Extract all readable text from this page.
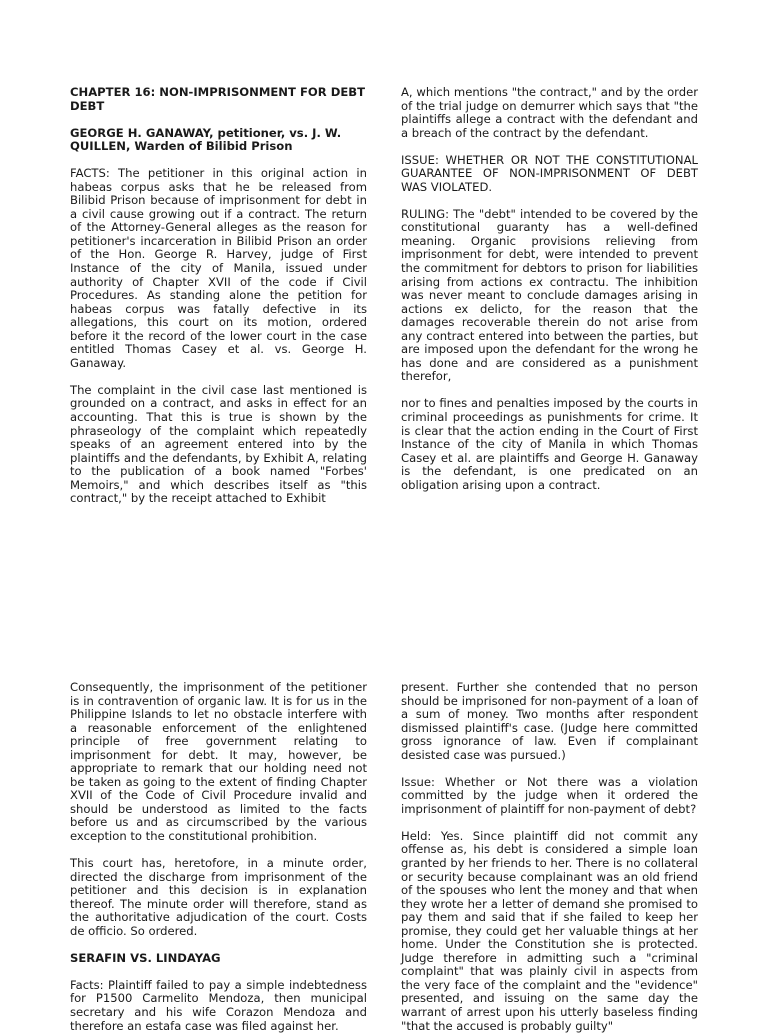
CHAPTER 16: NON-IMPRISONMENT FOR DEBT DEBT

GEORGE H. GANAWAY, petitioner, vs. J. W. QUILLEN, Warden of Bilibid Prison

FACTS: The petitioner in this original action in habeas corpus asks that he be released from Bilibid Prison because of imprisonment for debt in a civil cause growing out if a contract. The return of the Attorney-General alleges as the reason for petitioner's incarceration in Bilibid Prison an order of the Hon. George R. Harvey, judge of First Instance of the city of Manila, issued under authority of Chapter XVII of the code if Civil Procedures. As standing alone the petition for habeas corpus was fatally defective in its allegations, this court on its motion, ordered before it the record of the lower court in the case entitled Thomas Casey et al. vs. George H. Ganaway.

The complaint in the civil case last mentioned is grounded on a contract, and asks in effect for an accounting. That this is true is shown by the phraseology of the complaint which repeatedly speaks of an agreement entered into by the plaintiffs and the defendants, by Exhibit A, relating to the publication of a book named "Forbes' Memoirs," and which describes itself as "this contract," by the receipt attached to Exhibit

A, which mentions "the contract," and by the order of the trial judge on demurrer which says that "the plaintiffs allege a contract with the defendant and a breach of the contract by the defendant.

ISSUE: WHETHER OR NOT THE CONSTITUTIONAL GUARANTEE OF NON-IMPRISONMENT OF DEBT WAS VIOLATED.

RULING: The "debt" intended to be covered by the constitutional guaranty has a well-defined meaning. Organic provisions relieving from imprisonment for debt, were intended to prevent the commitment for debtors to prison for liabilities arising from actions ex contractu. The inhibition was never meant to conclude damages arising in actions ex delicto, for the reason that the damages recoverable therein do not arise from any contract entered into between the parties, but are imposed upon the defendant for the wrong he has done and are considered as a punishment therefor,

nor to fines and penalties imposed by the courts in criminal proceedings as punishments for crime. It is clear that the action ending in the Court of First Instance of the city of Manila in which Thomas Casey et al. are plaintiffs and George H. Ganaway is the defendant, is one predicated on an obligation arising upon a contract.

Consequently, the imprisonment of the petitioner is in contravention of organic law. It is for us in the Philippine Islands to let no obstacle interfere with a reasonable enforcement of the enlightened principle of free government relating to imprisonment for debt. It may, however, be appropriate to remark that our holding need not be taken as going to the extent of finding Chapter XVII of the Code of Civil Procedure invalid and should be understood as limited to the facts before us and as circumscribed by the various exception to the constitutional prohibition.

This court has, heretofore, in a minute order, directed the discharge from imprisonment of the petitioner and this decision is in explanation thereof. The minute order will therefore, stand as the authoritative adjudication of the court. Costs de officio. So ordered.

SERAFIN VS. LINDAYAG

Facts: Plaintiff failed to pay a simple indebtedness for P1500 Carmelito Mendoza, then municipal secretary and his wife Corazon Mendoza and therefore an estafa case was filed against her.

present. Further she contended that no person should be imprisoned for non-payment of a loan of a sum of money. Two months after respondent dismissed plaintiff's case. (Judge here committed gross ignorance of law. Even if complainant desisted case was pursued.)

Issue: Whether or Not there was a violation committed by the judge when it ordered the imprisonment of plaintiff for non-payment of debt?

Held: Yes. Since plaintiff did not commit any offense as, his debt is considered a simple loan granted by her friends to her. There is no collateral or security because complainant was an old friend of the spouses who lent the money and that when they wrote her a letter of demand she promised to pay them and said that if she failed to keep her promise, they could get her valuable things at her home. Under the Constitution she is protected. Judge therefore in admitting such a "criminal complaint" that was plainly civil in aspects from the very face of the complaint and the "evidence" presented, and issuing on the same day the warrant of arrest upon his utterly baseless finding "that the accused is probably guilty"
